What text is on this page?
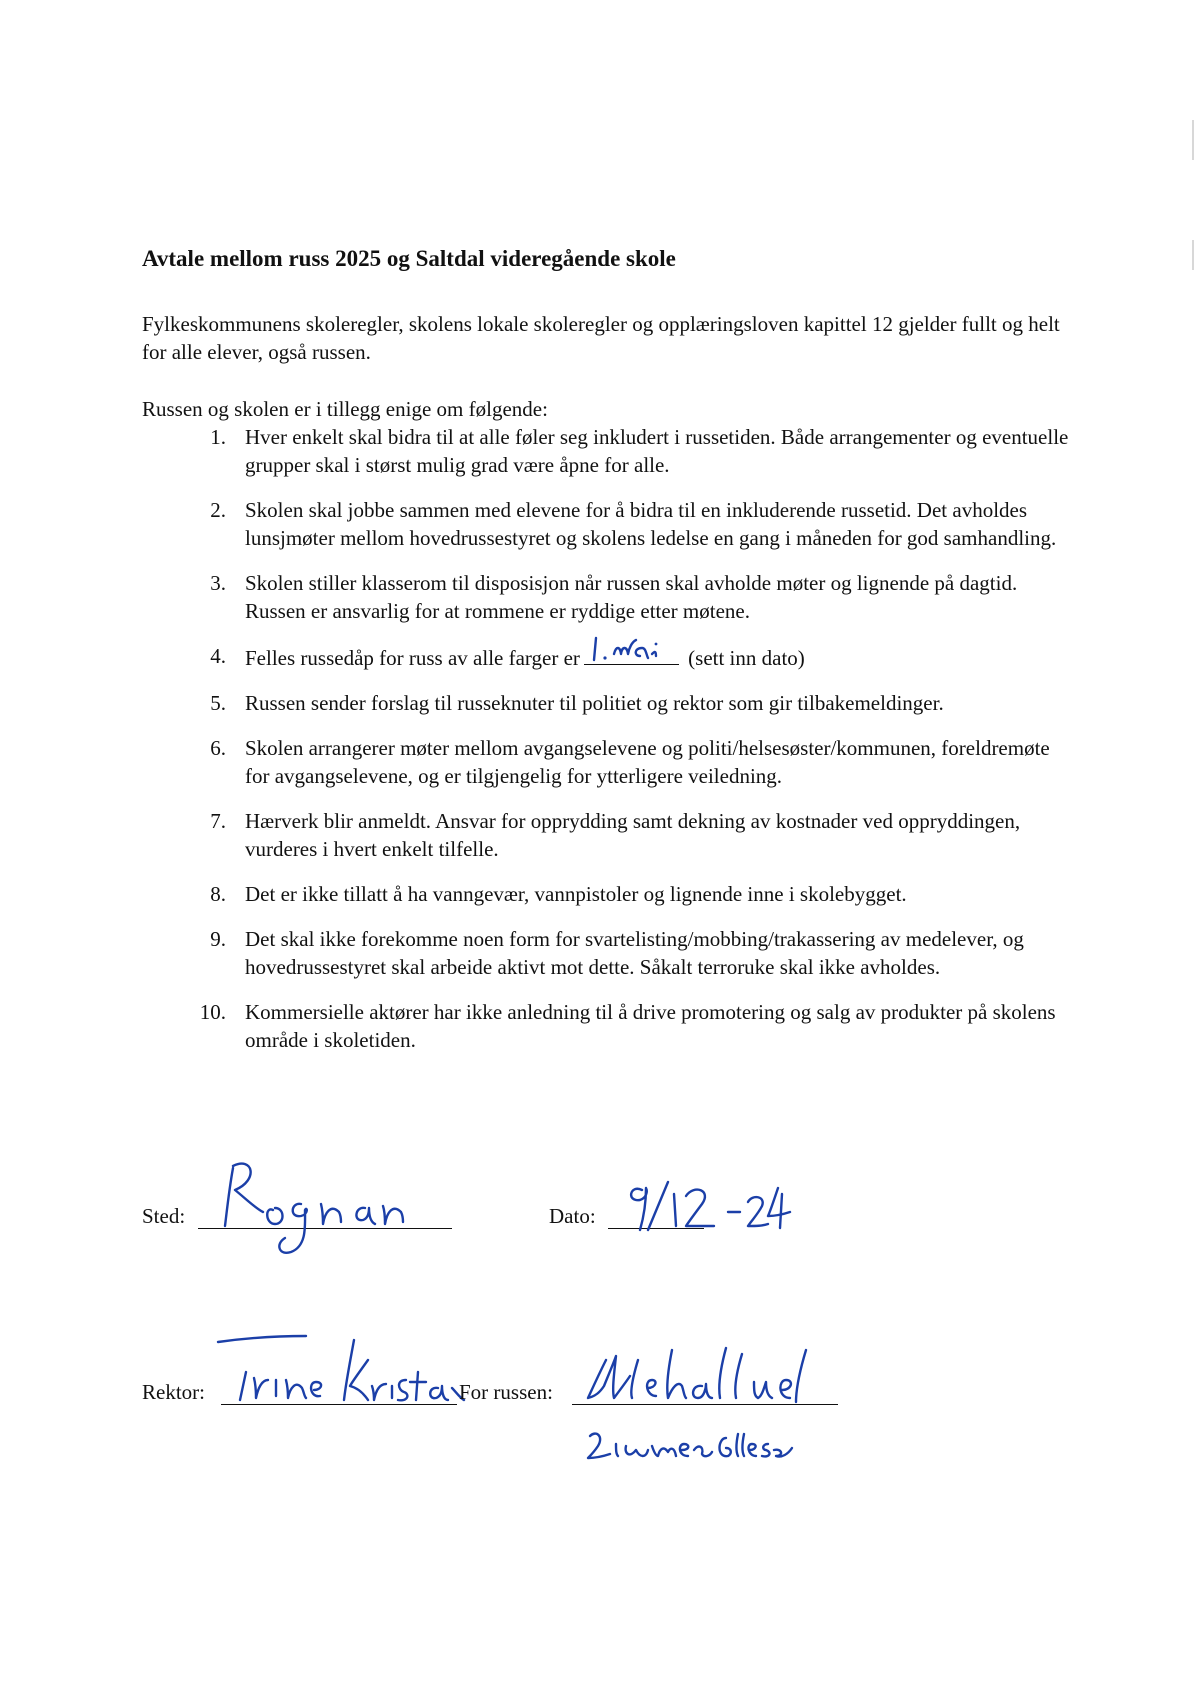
Avtale mellom russ 2025 og Saltdal videregående skole

Fylkeskommunens skoleregler, skolens lokale skoleregler og opplæringsloven kapittel 12 gjelder fullt og helt for alle elever, også russen.

Russen og skolen er i tillegg enige om følgende:

1. Hver enkelt skal bidra til at alle føler seg inkludert i russetiden. Både arrangementer og eventuelle grupper skal i størst mulig grad være åpne for alle.
2. Skolen skal jobbe sammen med elevene for å bidra til en inkluderende russetid. Det avholdes lunsjmøter mellom hovedrussestyret og skolens ledelse en gang i måneden for god samhandling.
3. Skolen stiller klasserom til disposisjon når russen skal avholde møter og lignende på dagtid. Russen er ansvarlig for at rommene er ryddige etter møtene.
4. Felles russedåp for russ av alle farger er	(sett inn dato)
5. Russen sender forslag til russeknuter til politiet og rektor som gir tilbakemeldinger.
6. Skolen arrangerer møter mellom avgangselevene og politi/helsesøster/kommunen, foreldremøte for avgangselevene, og er tilgjengelig for ytterligere veiledning.
7. Hærverk blir anmeldt. Ansvar for opprydding samt dekning av kostnader ved oppryddingen, vurderes i hvert enkelt tilfelle.
8. Det er ikke tillatt å ha vanngevær, vannpistoler og lignende inne i skolebygget.
9. Det skal ikke forekomme noen form for svartelisting/mobbing/trakassering av medelever, og hovedrussestyret skal arbeide aktivt mot dette. Såkalt terroruke skal ikke avholdes.
10. Kommersielle aktører har ikke anledning til å drive promotering og salg av produkter på skolens område i skoletiden.
Sted:	Dato:
Rektor:	For russen:
